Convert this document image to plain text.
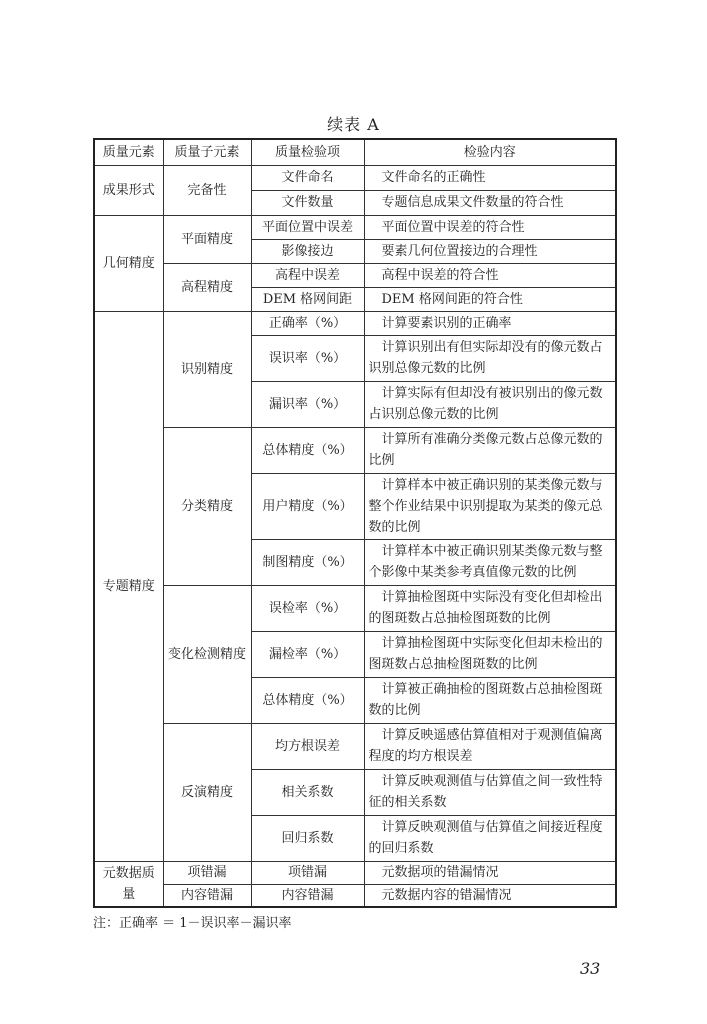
续表 A
质量元素	质量子元素	质量检验项	检验内容
成果形式	完备性	文件命名	文件命名的正确性
		文件数量	专题信息成果文件数量的符合性
几何精度	平面精度	平面位置中误差	平面位置中误差的符合性
		影像接边	要素几何位置接边的合理性
	高程精度	高程中误差	高程中误差的符合性
		DEM 格网间距	DEM 格网间距的符合性
专题精度	识别精度	正确率（%）	计算要素识别的正确率
		误识率（%）	计算识别出有但实际却没有的像元数占识别总像元数的比例
		漏识率（%）	计算实际有但却没有被识别出的像元数占识别总像元数的比例
	分类精度	总体精度（%）	计算所有准确分类像元数占总像元数的比例
		用户精度（%）	计算样本中被正确识别的某类像元数与整个作业结果中识别提取为某类的像元总数的比例
		制图精度（%）	计算样本中被正确识别某类像元数与整个影像中某类参考真值像元数的比例
	变化检测精度	误检率（%）	计算抽检图斑中实际没有变化但却检出的图斑数占总抽检图斑数的比例
		漏检率（%）	计算抽检图斑中实际变化但却未检出的图斑数占总抽检图斑数的比例
		总体精度（%）	计算被正确抽检的图斑数占总抽检图斑数的比例
	反演精度	均方根误差	计算反映遥感估算值相对于观测值偏离程度的均方根误差
		相关系数	计算反映观测值与估算值之间一致性特征的相关系数
		回归系数	计算反映观测值与估算值之间接近程度的回归系数
元数据质量	项错漏	项错漏	元数据项的错漏情况
	内容错漏	内容错漏	元数据内容的错漏情况
注：正确率 ＝ 1－误识率－漏识率
33
